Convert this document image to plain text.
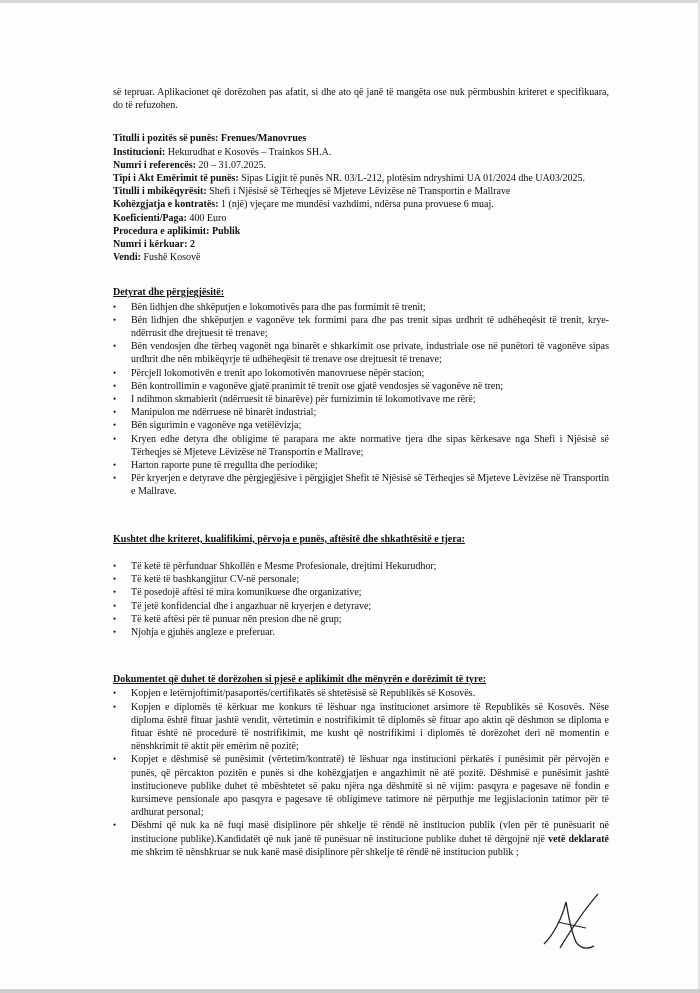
së tepruar. Aplikacionet që dorëzohen pas afatit, si dhe ato që janë të mangëta ose nuk përmbushin kriteret e specifikuara, do të refuzohen.

Titulli i pozitës së punës: Frenues/Manovrues

Institucioni: Hekurudhat e Kosovës – Trainkos SH.A.

Numri i referencës: 20 – 31.07.2025.

Tipi i Akt Emërimit të punës: Sipas Ligjit të punës NR. 03/L-212, plotësim ndryshimi UA 01/2024 dhe UA03/2025.

Titulli i mbikëqyrësit: Shefi i Njësisë së Tërheqjes së Mjeteve Lëvizëse në Transportin e Mallrave

Kohëzgjatja e kontratës: 1 (një) vjeçare me mundësi vazhdimi, ndërsa puna provuese 6 muaj.

Koeficienti/Paga: 400 Euro

Procedura e aplikimit: Publik

Numri i kërkuar: 2

Vendi: Fushë Kosovë

Detyrat dhe përgjegjësitë:

• Bën lidhjen dhe shkëputjen e lokomotivës para dhe pas formimit të trenit;
• Bën lidhjen dhe shkëputjen e vagonëve tek formimi para dhe pas trenit sipas urdhrit të udhëheqësit të trenit, krye-ndërrusit dhe drejtuesit të trenave;
• Bën vendosjen dhe tërheq vagonët nga binarët e shkarkimit ose private, industriale ose në punëtori të vagonëve sipas urdhrit dhe nën mbikëqyrje të udhëheqësit të trenave ose drejtuesit të trenave;
• Përcjell lokomotivën e trenit apo lokomotivën manovruese nëpër stacion;
• Bën kontrollimin e vagonëve gjatë pranimit të trenit ose gjatë vendosjes së vagonëve në tren;
• I ndihmon skmabierit (ndërruesit të binarëve) për furnizimin të lokomotivave me rërë;
• Manipulon me ndërruese në binarët industrial;
• Bën sigurimin e vagonëve nga vetëlëvizja;
• Kryen edhe detyra dhe obligime të parapara me akte normative tjera dhe sipas kërkesave nga Shefi i Njësisë së Tërheqjes së Mjeteve Lëvizëse në Transportin e Mallrave;
• Harton raporte pune të rregullta dhe periodike;
• Për kryerjen e detyrave dhe përgjegjësive i përgjigjet Shefit të Njësisë së Tërheqjes së Mjeteve Lëvizëse në Transportin e Mallrave.

Kushtet dhe kriteret, kualifikimi, përvoja e punës, aftësitë dhe shkathtësitë e tjera:

• Të ketë të përfunduar Shkollën e Mesme Profesionale, drejtimi Hekurudhor;
• Të ketë të bashkangjitur CV-në personale;
• Të posedojë aftësi të mira komunikuese dhe organizative;
• Të jetë konfidencial dhe i angazhuar në kryerjen e detyrave;
• Të ketë aftësi për të punuar nën presion dhe në grup;
• Njohja e gjuhës angleze e preferuar.

Dokumentet që duhet të dorëzohen si pjesë e aplikimit dhe mënyrën e dorëzimit të tyre:

• Kopjen e letërnjoftimit/pasaportës/certifikatës së shtetësisë së Republikës së Kosovës.
• Kopjen e diplomës të kërkuar me konkurs të lëshuar nga institucionet arsimore të Republikës së Kosovës. Nëse diploma është fituar jashtë vendit, vërtetimin e nostrifikimit të diplomës së fituar apo aktin që dëshmon se diploma e fituar është në procedurë të nostrifikimit, me kusht që nostrifikimi i diplomës të dorëzohet deri në momentin e nënshkrimit të aktit për emërim në pozitë;
• Kopjet e dëshmisë së punësimit (vërtetim/kontratë) të lëshuar nga institucioni përkatës i punësimit për përvojën e punës, që përcakton pozitën e punës si dhe kohëzgjatjen e angazhimit në atë pozitë. Dëshmisë e punësimit jashtë institucioneve publike duhet të mbështetet së paku njëra nga dëshmitë si në vijim: pasqyra e pagesave në fondin e kursimeve pensionale apo pasqyra e pagesave të obligimeve tatimore në përputhje me legjislacionin tatimor për të ardhurat personal;
• Dëshmi që nuk ka në fuqi masë disiplinore për shkelje të rëndë në institucion publik (vlen për të punësuarit në institucione publike).Kandidatët që nuk janë të punësuar në institucione publike duhet të dërgojnë një vetë deklaratë me shkrim të nënshkruar se nuk kanë masë disiplinore për shkelje të rëndë në institucion publik ;
